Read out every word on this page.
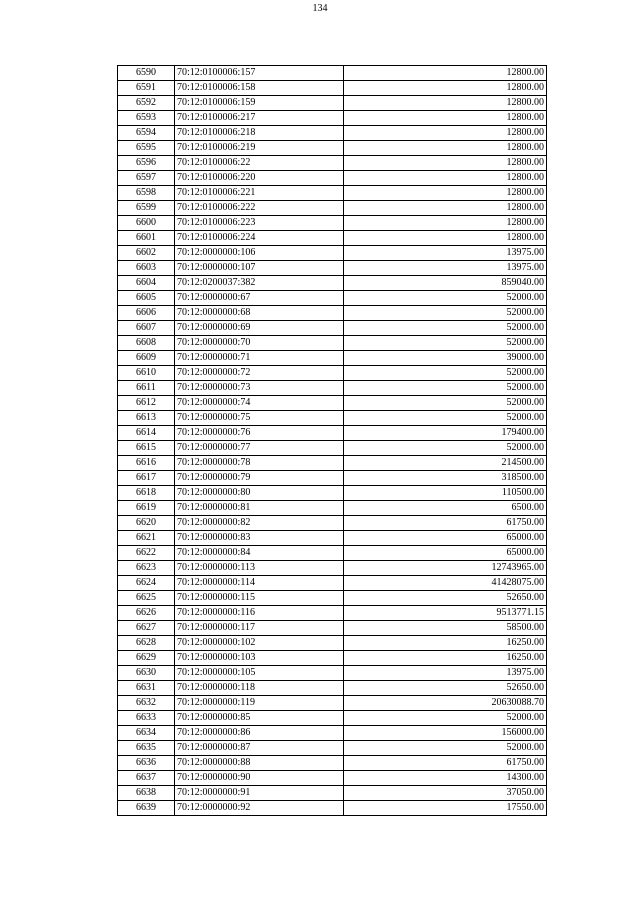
134
6590	70:12:0100006:157	12800.00
6591	70:12:0100006:158	12800.00
6592	70:12:0100006:159	12800.00
6593	70:12:0100006:217	12800.00
6594	70:12:0100006:218	12800.00
6595	70:12:0100006:219	12800.00
6596	70:12:0100006:22	12800.00
6597	70:12:0100006:220	12800.00
6598	70:12:0100006:221	12800.00
6599	70:12:0100006:222	12800.00
6600	70:12:0100006:223	12800.00
6601	70:12:0100006:224	12800.00
6602	70:12:0000000:106	13975.00
6603	70:12:0000000:107	13975.00
6604	70:12:0200037:382	859040.00
6605	70:12:0000000:67	52000.00
6606	70:12:0000000:68	52000.00
6607	70:12:0000000:69	52000.00
6608	70:12:0000000:70	52000.00
6609	70:12:0000000:71	39000.00
6610	70:12:0000000:72	52000.00
6611	70:12:0000000:73	52000.00
6612	70:12:0000000:74	52000.00
6613	70:12:0000000:75	52000.00
6614	70:12:0000000:76	179400.00
6615	70:12:0000000:77	52000.00
6616	70:12:0000000:78	214500.00
6617	70:12:0000000:79	318500.00
6618	70:12:0000000:80	110500.00
6619	70:12:0000000:81	6500.00
6620	70:12:0000000:82	61750.00
6621	70:12:0000000:83	65000.00
6622	70:12:0000000:84	65000.00
6623	70:12:0000000:113	12743965.00
6624	70:12:0000000:114	41428075.00
6625	70:12:0000000:115	52650.00
6626	70:12:0000000:116	9513771.15
6627	70:12:0000000:117	58500.00
6628	70:12:0000000:102	16250.00
6629	70:12:0000000:103	16250.00
6630	70:12:0000000:105	13975.00
6631	70:12:0000000:118	52650.00
6632	70:12:0000000:119	20630088.70
6633	70:12:0000000:85	52000.00
6634	70:12:0000000:86	156000.00
6635	70:12:0000000:87	52000.00
6636	70:12:0000000:88	61750.00
6637	70:12:0000000:90	14300.00
6638	70:12:0000000:91	37050.00
6639	70:12:0000000:92	17550.00
